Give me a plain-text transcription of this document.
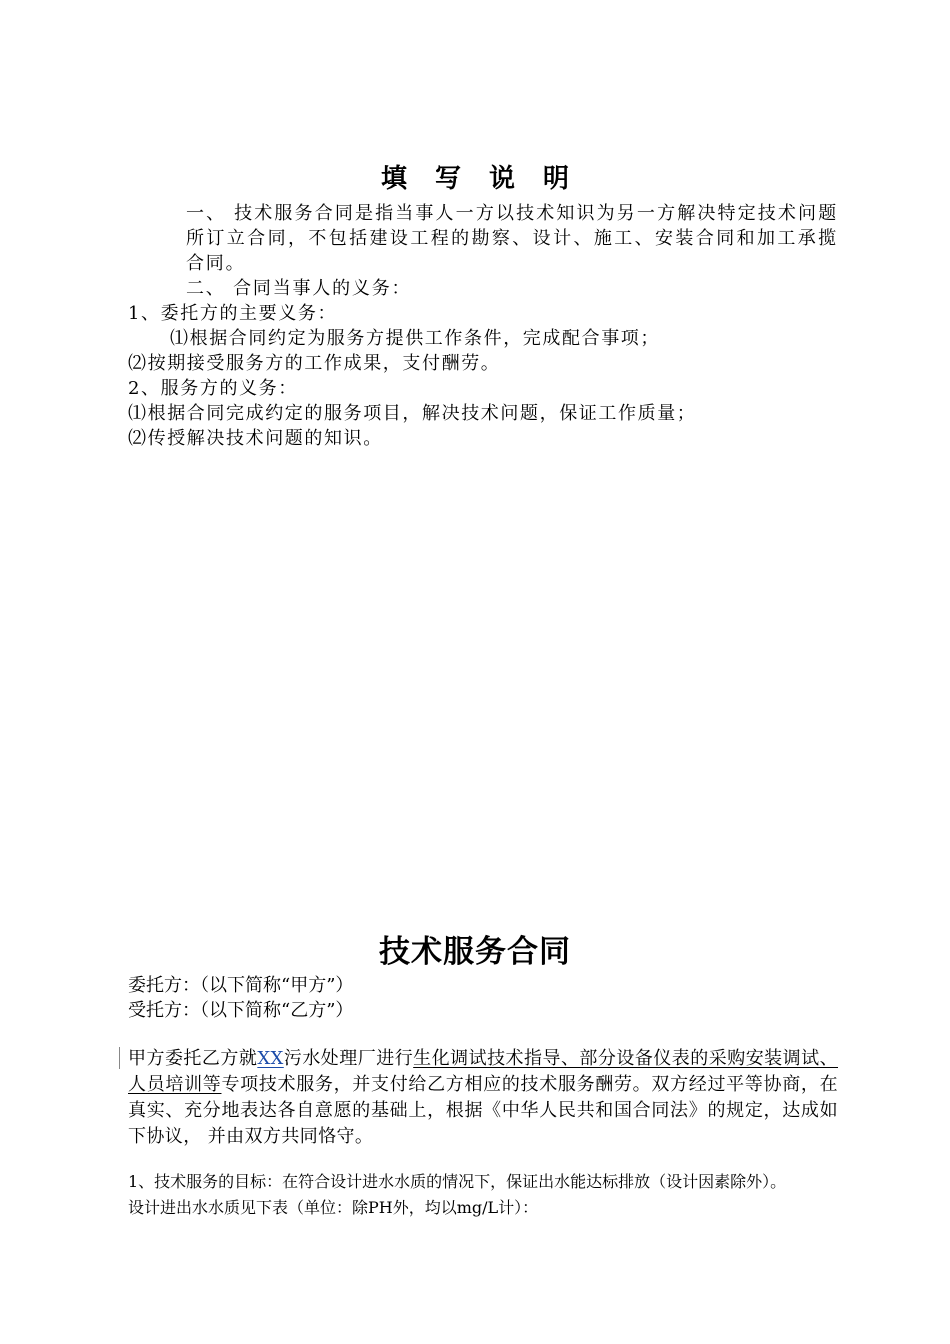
填写说明
一、 技术服务合同是指当事人一方以技术知识为另一方解决特定技术问题所订立合同，不包括建设工程的勘察、设计、施工、安装合同和加工承揽合同。
二、 合同当事人的义务：
1、委托方的主要义务：
⑴根据合同约定为服务方提供工作条件，完成配合事项；
⑵按期接受服务方的工作成果，支付酬劳。
2、服务方的义务：
⑴根据合同完成约定的服务项目，解决技术问题，保证工作质量；
⑵传授解决技术问题的知识。
技术服务合同
委托方：（以下简称“甲方”）
受托方：（以下简称“乙方”）
甲方委托乙方就XX污水处理厂进行生化调试技术指导、部分设备仪表的采购安装调试、人员培训等专项技术服务，并支付给乙方相应的技术服务酬劳。双方经过平等协商，在真实、充分地表达各自意愿的基础上，根据《中华人民共和国合同法》的规定，达成如下协议， 并由双方共同恪守。
1、技术服务的目标：在符合设计进水水质的情况下，保证出水能达标排放（设计因素除外）。
设计进出水水质见下表（单位：除PH外，均以mg/L计）：
